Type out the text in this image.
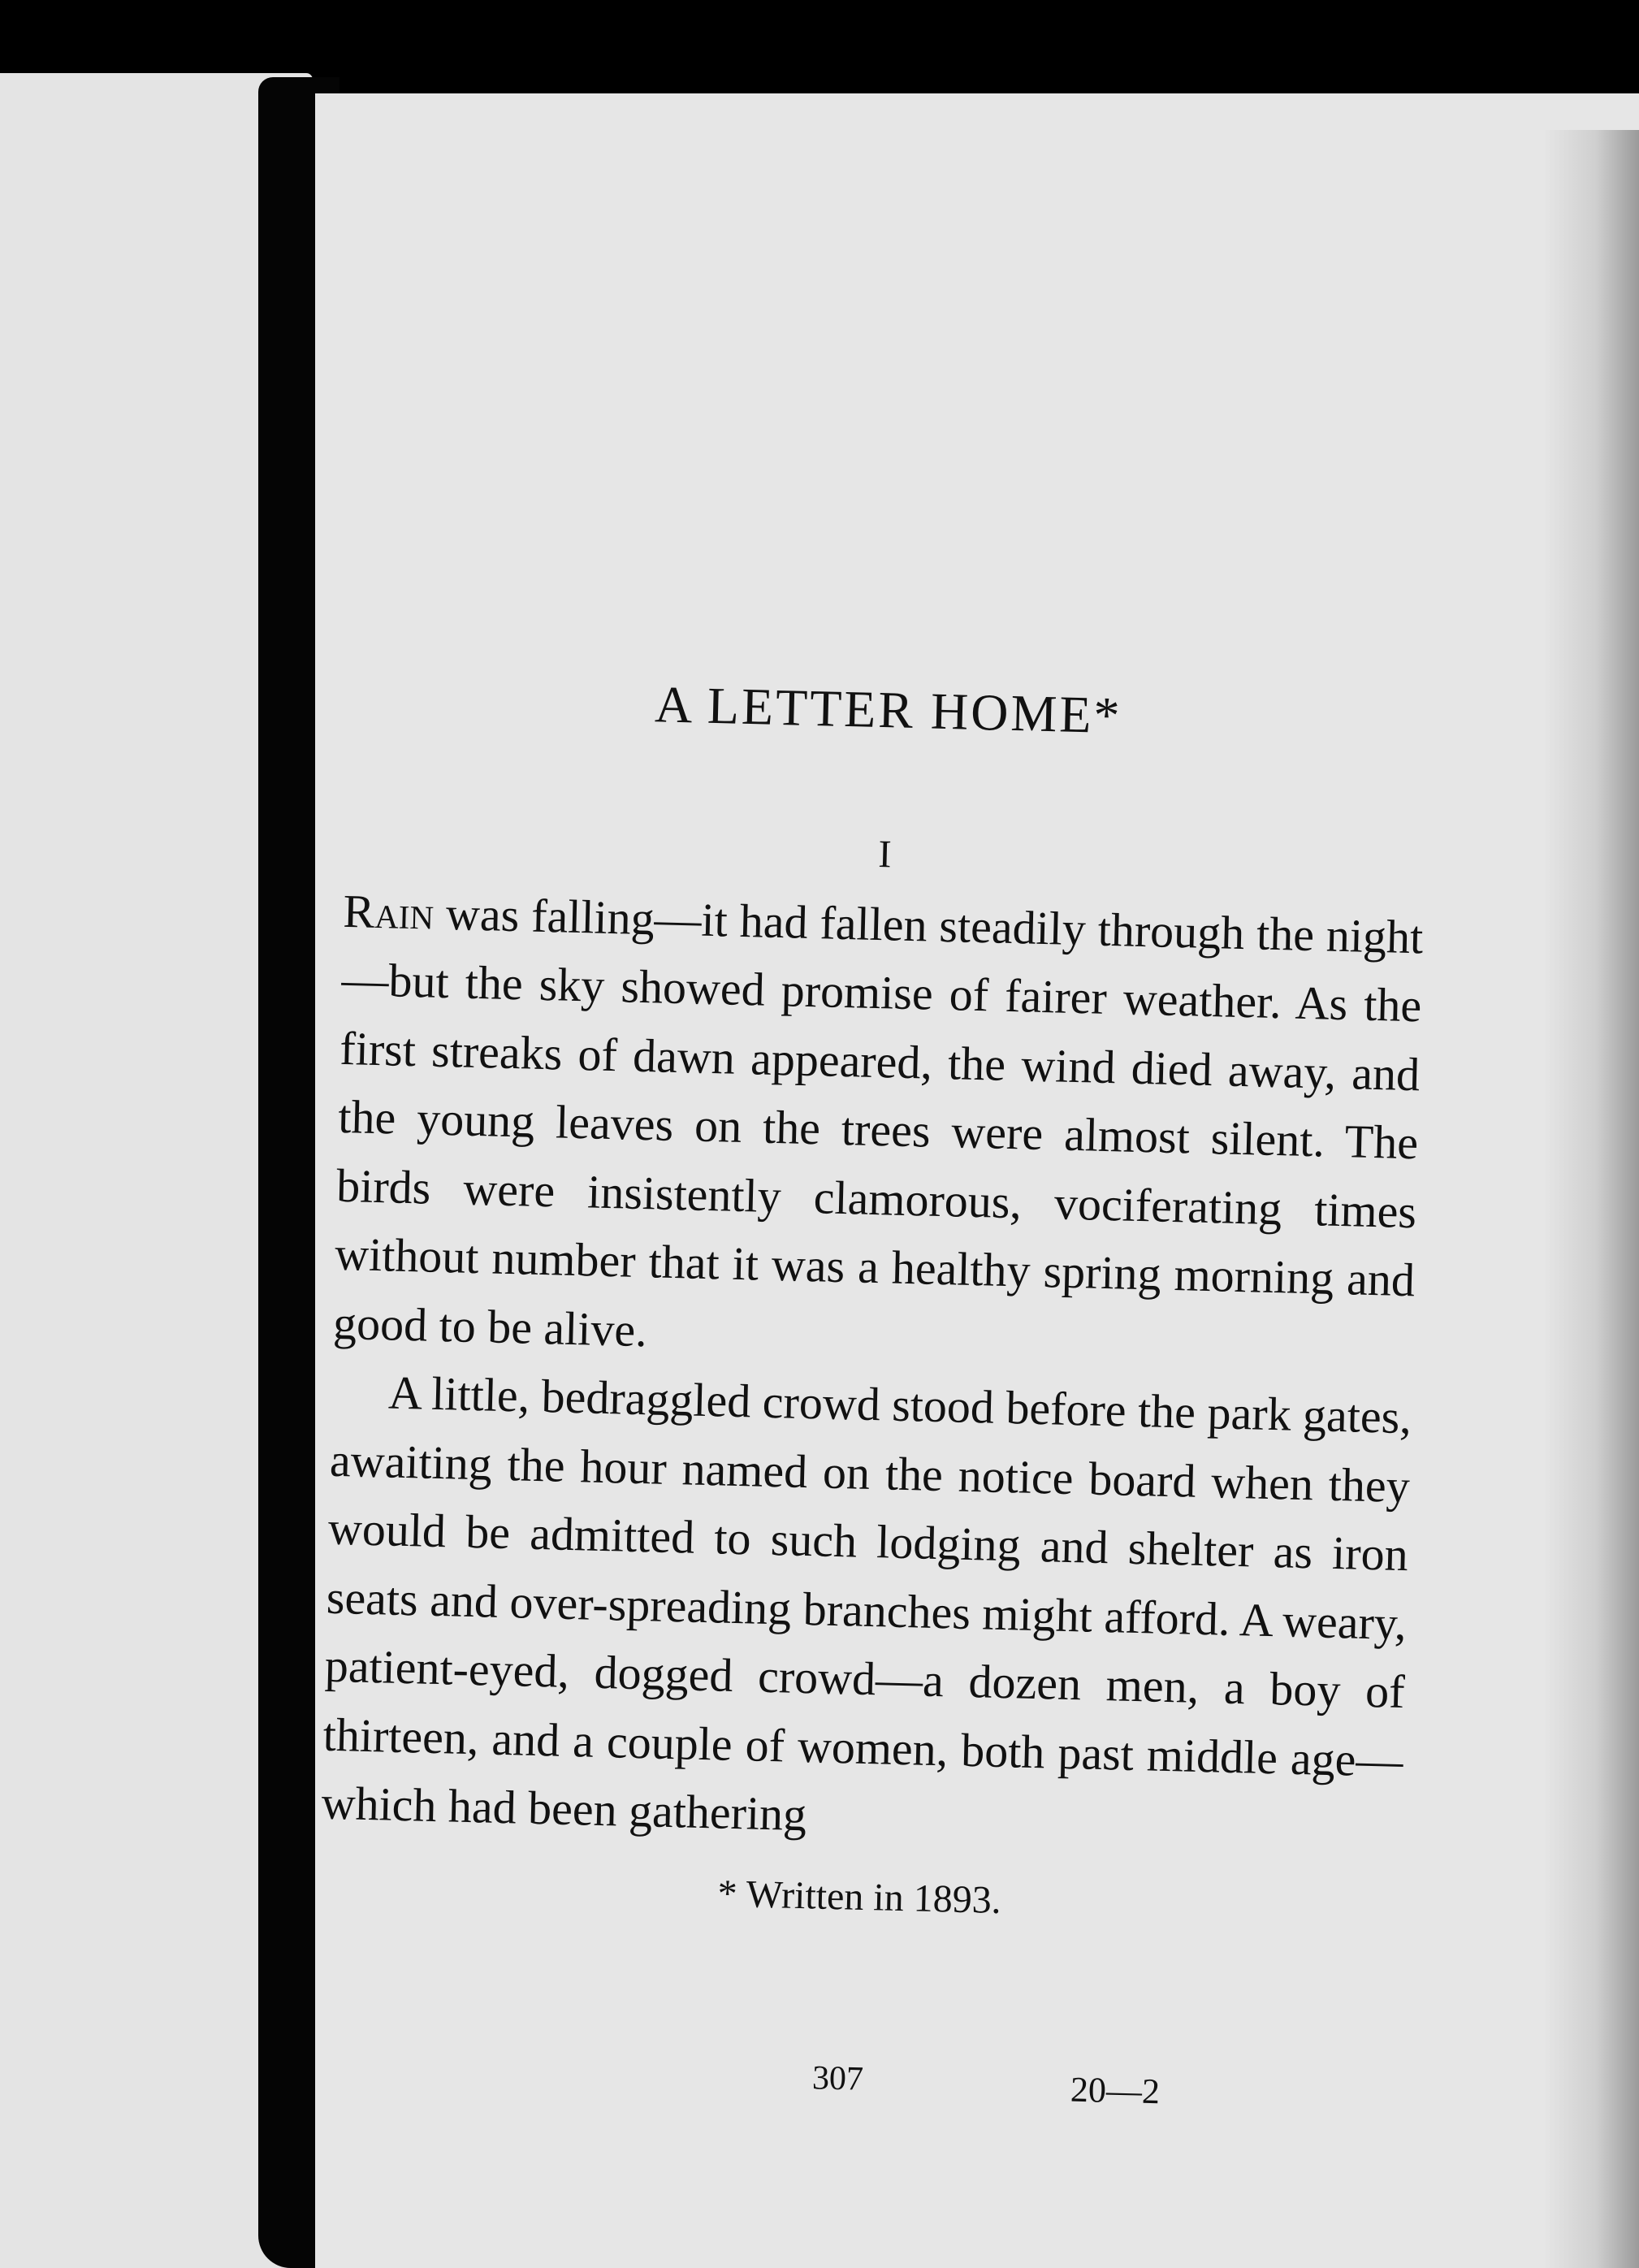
A LETTER HOME*
I

Rain was falling—it had fallen steadily through the night—but the sky showed promise of fairer weather. As the first streaks of dawn appeared, the wind died away, and the young leaves on the trees were almost silent. The birds were insistently clamorous, vociferating times without number that it was a healthy spring morning and good to be alive.

A little, bedraggled crowd stood before the park gates, awaiting the hour named on the notice board when they would be admitted to such lodging and shelter as iron seats and over-spreading branches might afford. A weary, patient-eyed, dogged crowd—a dozen men, a boy of thirteen, and a couple of women, both past middle age—which had been gathering

* Written in 1893.
307	20—2
